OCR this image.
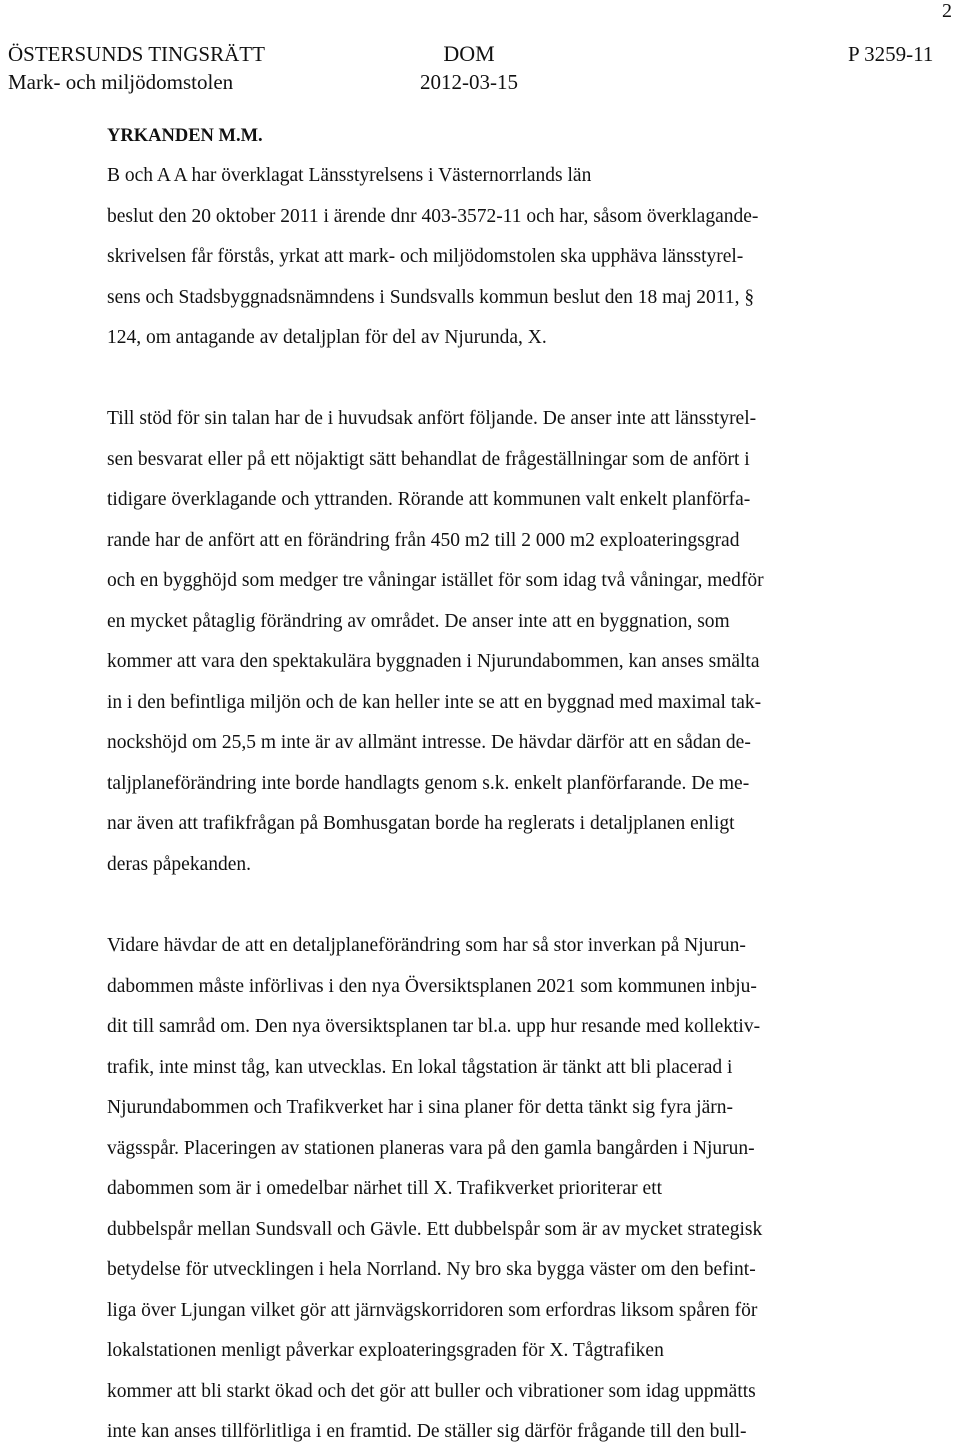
2
ÖSTERSUNDS TINGSRÄTT
Mark- och miljödomstolen
DOM
2012-03-15
P 3259-11
YRKANDEN M.M.
B och A A har överklagat Länsstyrelsens i Västernorrlands län
beslut den 20 oktober 2011 i ärende dnr 403-3572-11 och har, såsom överklagande-
skrivelsen får förstås, yrkat att mark- och miljödomstolen ska upphäva länsstyrel-
sens och Stadsbyggnadsnämndens i Sundsvalls kommun beslut den 18 maj 2011, §
124, om antagande av detaljplan för del av Njurunda, X.
Till stöd för sin talan har de i huvudsak anfört följande. De anser inte att länsstyrel-
sen besvarat eller på ett nöjaktigt sätt behandlat de frågeställningar som de anfört i
tidigare överklagande och yttranden. Rörande att kommunen valt enkelt planförfa-
rande har de anfört att en förändring från 450 m2 till 2 000 m2 exploateringsgrad
och en bygghöjd som medger tre våningar istället för som idag två våningar, medför
en mycket påtaglig förändring av området. De anser inte att en byggnation, som
kommer att vara den spektakulära byggnaden i Njurundabommen, kan anses smälta
in i den befintliga miljön och de kan heller inte se att en byggnad med maximal tak-
nockshöjd om 25,5 m inte är av allmänt intresse. De hävdar därför att en sådan de-
taljplaneförändring inte borde handlagts genom s.k. enkelt planförfarande. De me-
nar även att trafikfrågan på Bomhusgatan borde ha reglerats i detaljplanen enligt
deras påpekanden.
Vidare hävdar de att en detaljplaneförändring som har så stor inverkan på Njurun-
dabommen måste införlivas i den nya Översiktsplanen 2021 som kommunen inbju-
dit till samråd om. Den nya översiktsplanen tar bl.a. upp hur resande med kollektiv-
trafik, inte minst tåg, kan utvecklas. En lokal tågstation är tänkt att bli placerad i
Njurundabommen och Trafikverket har i sina planer för detta tänkt sig fyra järn-
vägsspår. Placeringen av stationen planeras vara på den gamla bangården i Njurun-
dabommen som är i omedelbar närhet till X. Trafikverket prioriterar ett
dubbelspår mellan Sundsvall och Gävle. Ett dubbelspår som är av mycket strategisk
betydelse för utvecklingen i hela Norrland. Ny bro ska bygga väster om den befint-
liga över Ljungan vilket gör att järnvägskorridoren som erfordras liksom spåren för
lokalstationen menligt påverkar exploateringsgraden för X. Tågtrafiken
kommer att bli starkt ökad och det gör att buller och vibrationer som idag uppmätts
inte kan anses tillförlitliga i en framtid. De ställer sig därför frågande till den bull-
